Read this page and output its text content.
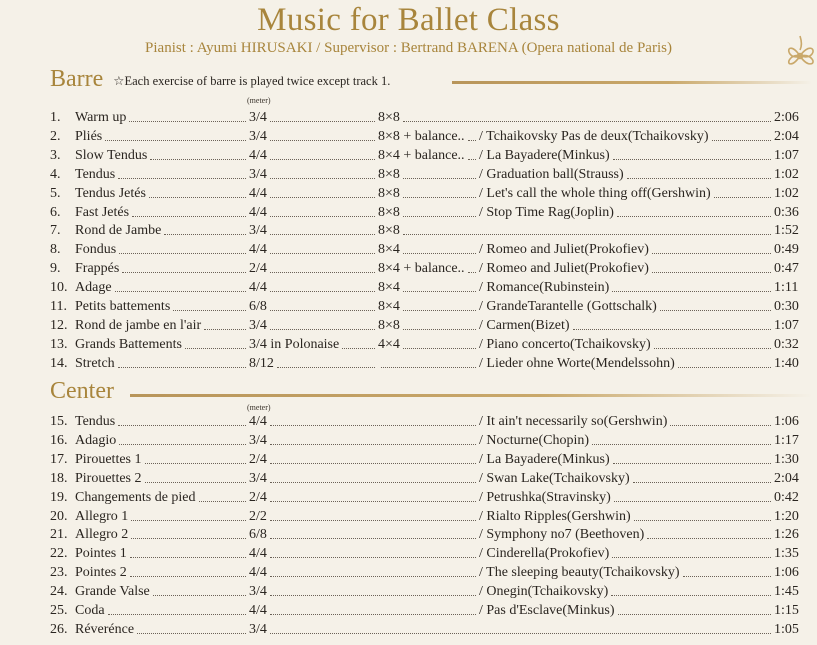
Music for Ballet Class
Pianist : Ayumi HIRUSAKI / Supervisor : Bertrand BARENA (Opera national de Paris)
Barre ☆Each exercise of barre is played twice except track 1.
(meter)
1. Warm up	3/4	8×8	2:06
2. Pliés	3/4	8×8 + balance.. / Tchaikovsky Pas de deux(Tchaikovsky)	2:04
3. Slow Tendus	4/4	8×4 + balance.. / La Bayadere(Minkus)	1:07
4. Tendus	3/4	8×8	/ Graduation ball(Strauss)	1:02
5. Tendus Jetés	4/4	8×8	/ Let's call the whole thing off(Gershwin)	1:02
6. Fast Jetés	4/4	8×8	/ Stop Time Rag(Joplin)	0:36
7. Rond de Jambe	3/4	8×8	1:52
8. Fondus	4/4	8×4	/ Romeo and Juliet(Prokofiev)	0:49
9. Frappés	2/4	8×4 + balance.. / Romeo and Juliet(Prokofiev)	0:47
10. Adage	4/4	8×4	/ Romance(Rubinstein)	1:11
11. Petits battements	6/8	8×4	/ GrandeTarantelle (Gottschalk)	0:30
12. Rond de jambe en l'air	3/4	8×8	/ Carmen(Bizet)	1:07
13. Grands Battements	3/4 in Polonaise	4×4	/ Piano concerto(Tchaikovsky)	0:32
14. Stretch	8/12	/ Lieder ohne Worte(Mendelssohn)	1:40
Center
(meter)
15. Tendus	4/4	/ It ain't necessarily so(Gershwin)	1:06
16. Adagio	3/4	/ Nocturne(Chopin)	1:17
17. Pirouettes 1	2/4	/ La Bayadere(Minkus)	1:30
18. Pirouettes 2	3/4	/ Swan Lake(Tchaikovsky)	2:04
19. Changements de pied	2/4	/ Petrushka(Stravinsky)	0:42
20. Allegro 1	2/2	/ Rialto Ripples(Gershwin)	1:20
21. Allegro 2	6/8	/ Symphony no7 (Beethoven)	1:26
22. Pointes 1	4/4	/ Cinderella(Prokofiev)	1:35
23. Pointes 2	4/4	/ The sleeping beauty(Tchaikovsky)	1:06
24. Grande Valse	3/4	/ Onegin(Tchaikovsky)	1:45
25. Coda	4/4	/ Pas d'Esclave(Minkus)	1:15
26. Réverénce	3/4	1:05
